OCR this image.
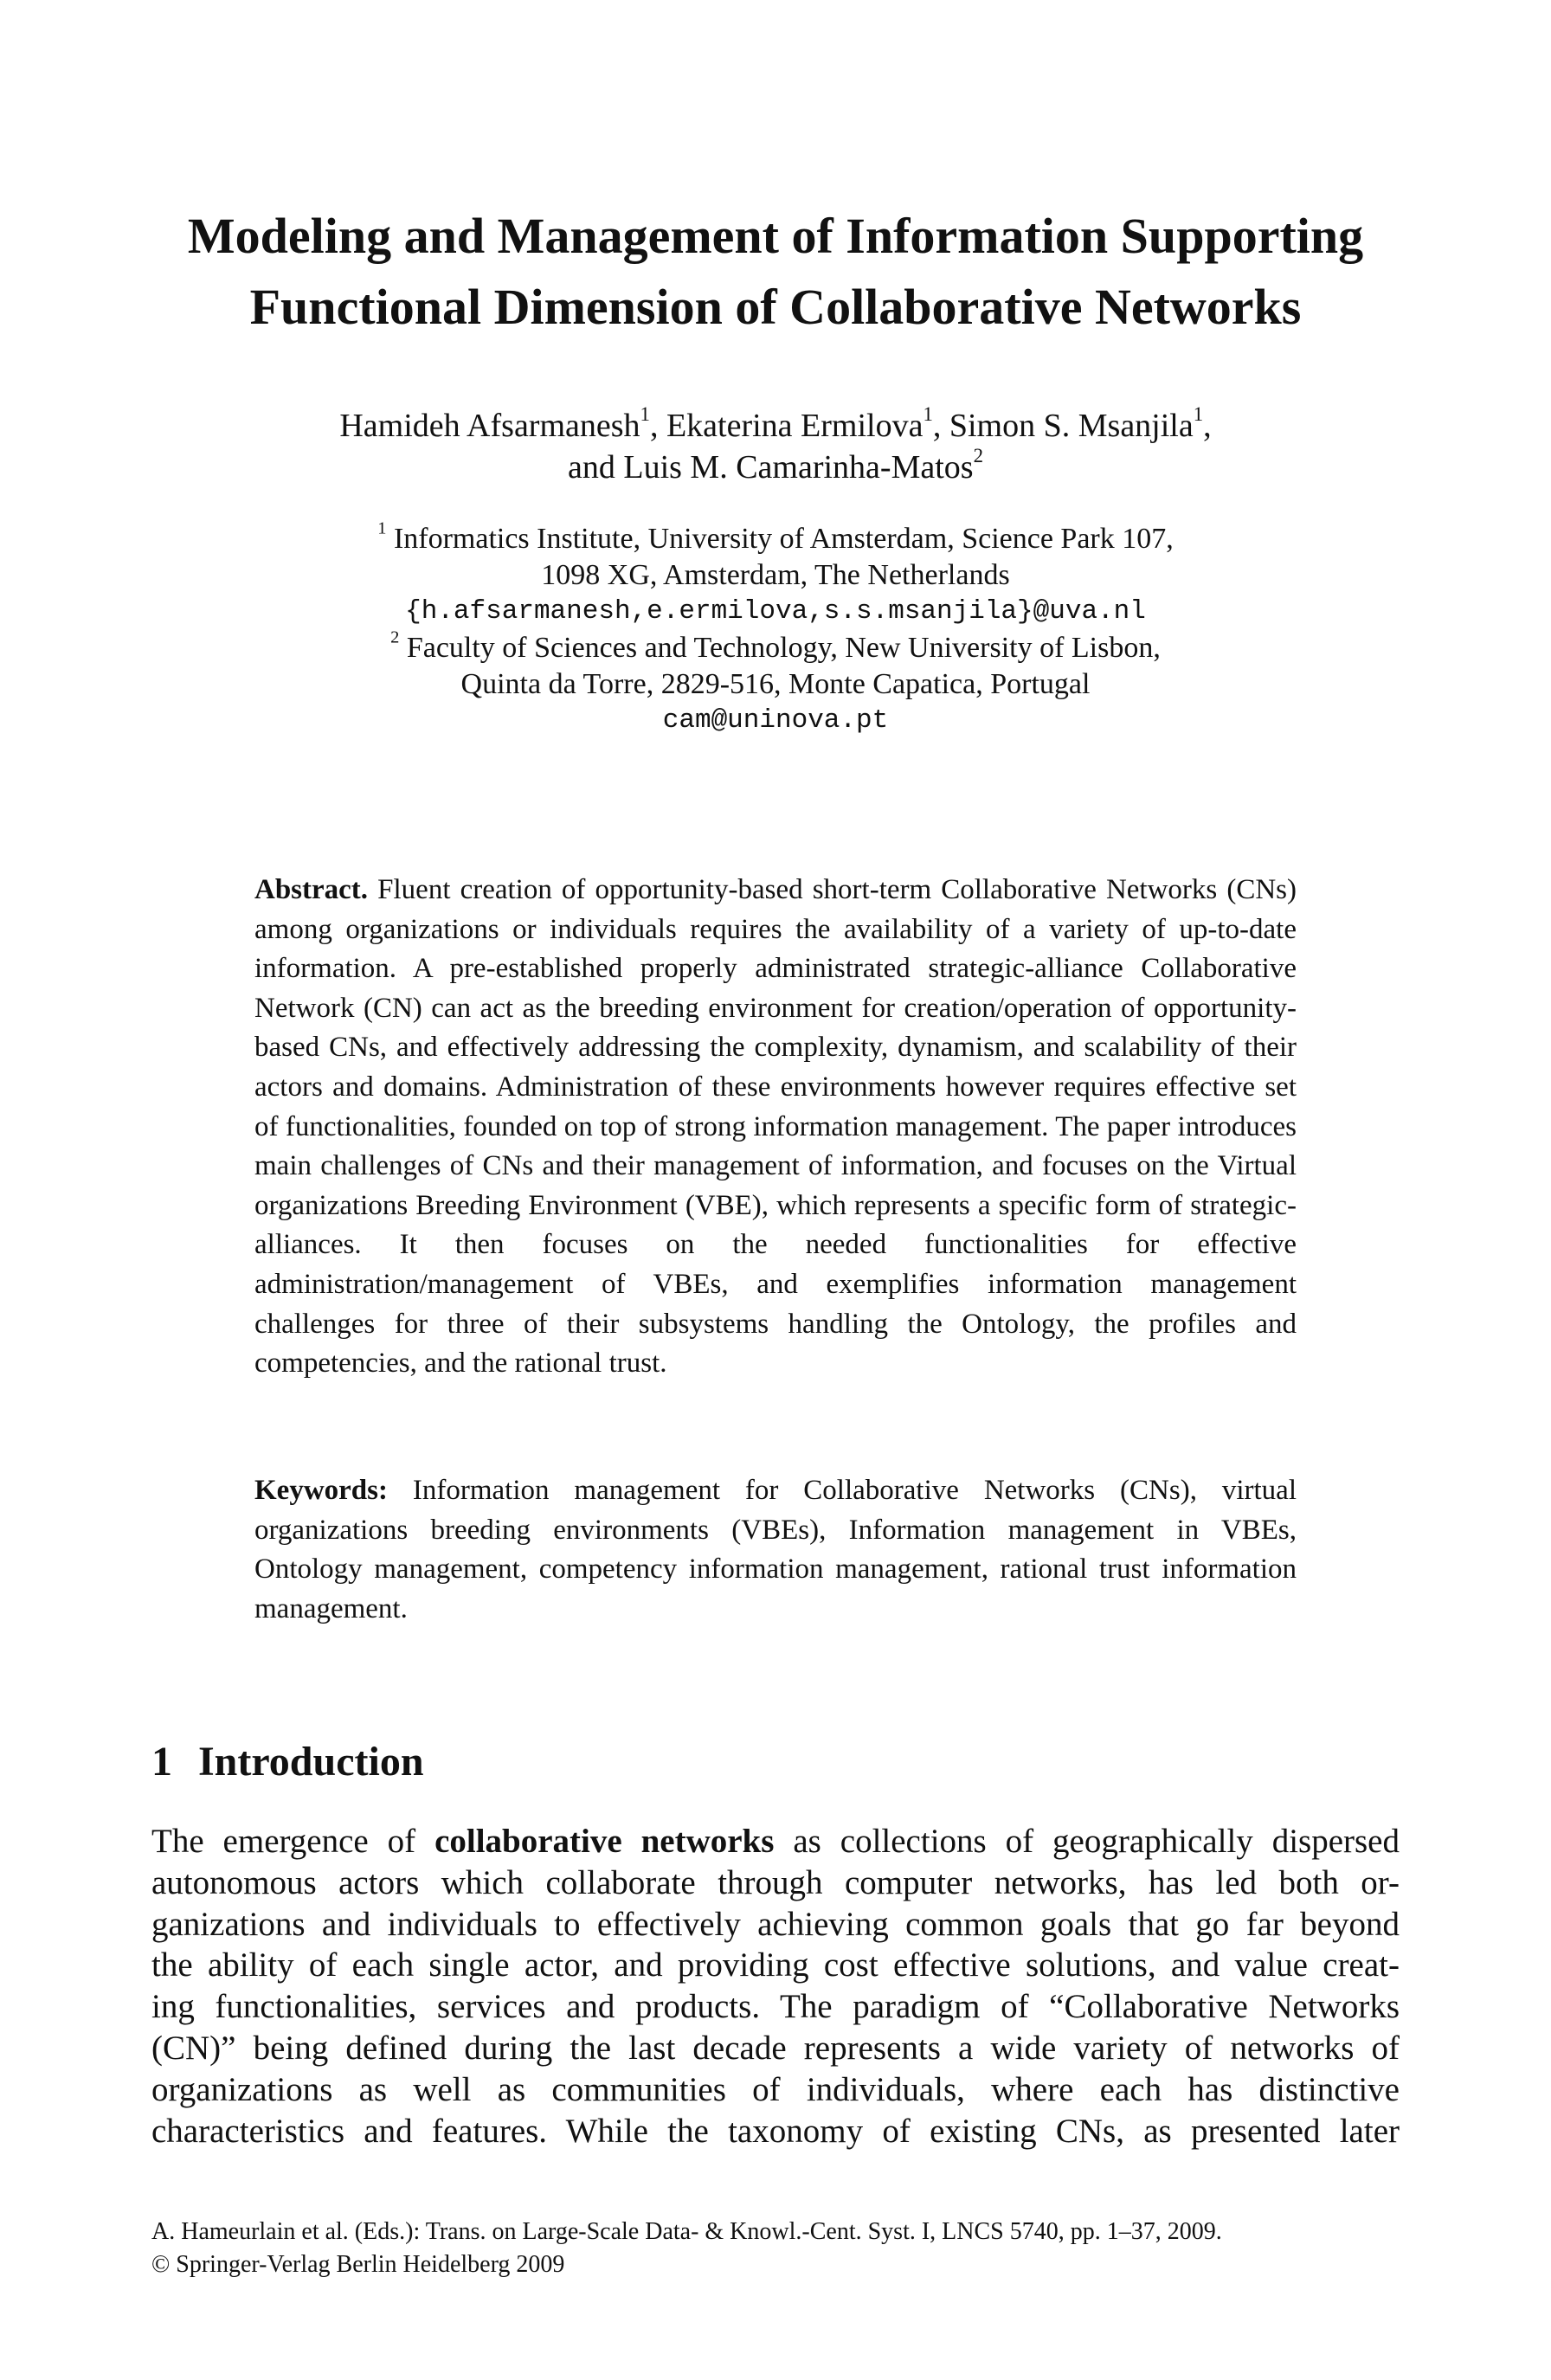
Modeling and Management of Information Supporting
Functional Dimension of Collaborative Networks
Hamideh Afsarmanesh$^1$, Ekaterina Ermilova$^1$, Simon S. Msanjila$^1$,
and Luis M. Camarinha-Matos$^2$
$^1$ Informatics Institute, University of Amsterdam, Science Park 107,
1098 XG, Amsterdam, The Netherlands
{h.afsarmanesh,e.ermilova,s.s.msanjila}@uva.nl
$^2$ Faculty of Sciences and Technology, New University of Lisbon,
Quinta da Torre, 2829-516, Monte Capatica, Portugal
cam@uninova.pt
Abstract. Fluent creation of opportunity-based short-term Collaborative Networks (CNs) among organizations or individuals requires the availability of a variety of up-to-date information. A pre-established properly administrated strategic-alliance Collaborative Network (CN) can act as the breeding environment for creation/operation of opportunity-based CNs, and effectively addressing the complexity, dynamism, and scalability of their actors and domains. Administration of these environments however requires effective set of functionalities, founded on top of strong information management. The paper introduces main challenges of CNs and their management of information, and focuses on the Virtual organizations Breeding Environment (VBE), which represents a specific form of strategic-alliances. It then focuses on the needed functionalities for effective administration/management of VBEs, and exemplifies information management challenges for three of their subsystems handling the Ontology, the profiles and competencies, and the rational trust.
Keywords: Information management for Collaborative Networks (CNs), virtual organizations breeding environments (VBEs), Information management in VBEs, Ontology management, competency information management, rational trust information management.
1 Introduction
The emergence of collaborative networks as collections of geographically dispersed
autonomous actors which collaborate through computer networks, has led both or-
ganizations and individuals to effectively achieving common goals that go far beyond
the ability of each single actor, and providing cost effective solutions, and value creat-
ing functionalities, services and products. The paradigm of “Collaborative Networks
(CN)” being defined during the last decade represents a wide variety of networks of
organizations as well as communities of individuals, where each has distinctive
characteristics and features. While the taxonomy of existing CNs, as presented later
A. Hameurlain et al. (Eds.): Trans. on Large-Scale Data- & Knowl.-Cent. Syst. I, LNCS 5740, pp. 1–37, 2009.
© Springer-Verlag Berlin Heidelberg 2009
